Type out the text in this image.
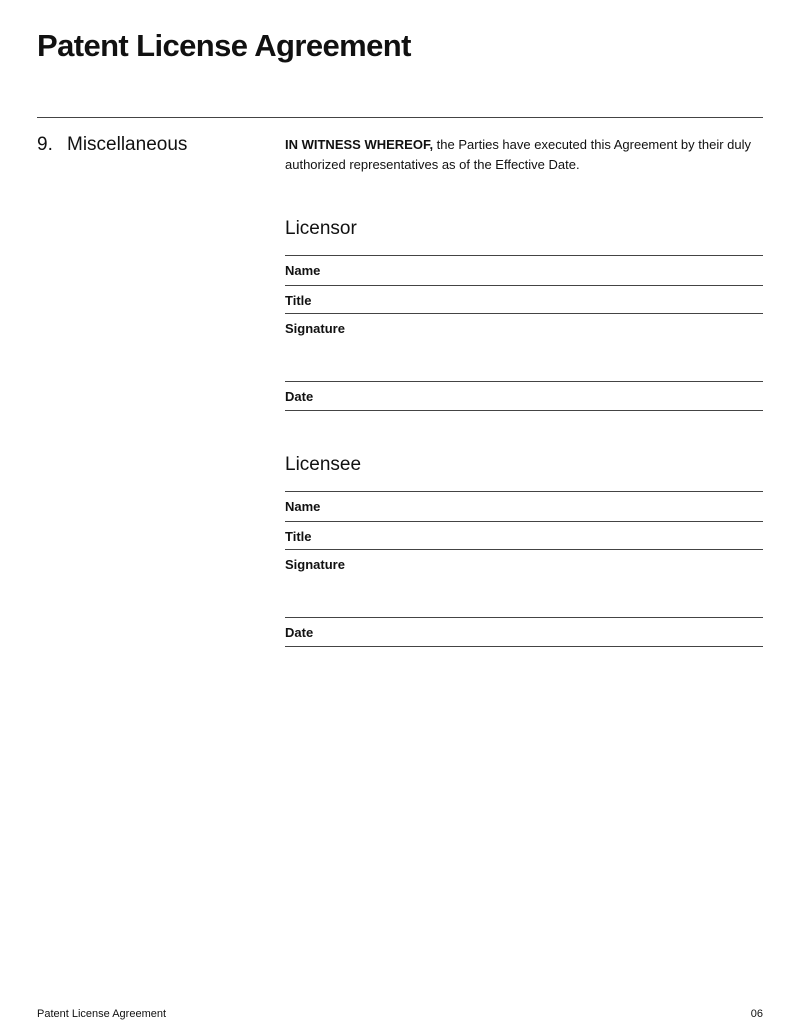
Patent License Agreement
9. Miscellaneous	IN WITNESS WHEREOF, the Parties have executed this Agreement by their duly authorized representatives as of the Effective Date.

Licensor
Name
Title
Signature
Date
Licensee
Name
Title
Signature
Date
Patent License Agreement	06
